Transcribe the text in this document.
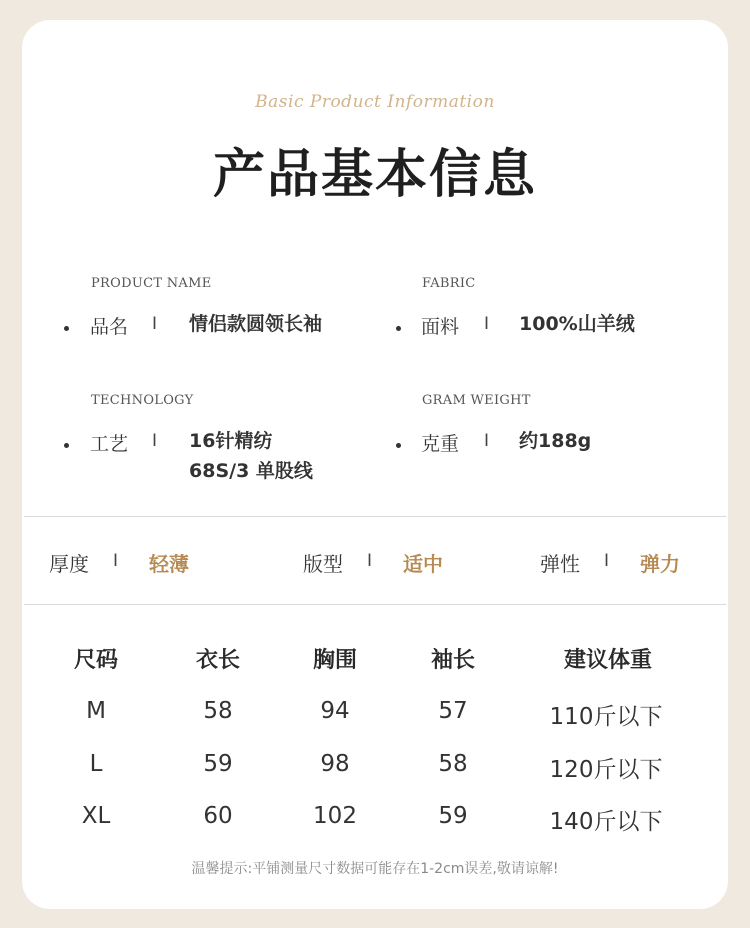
Basic Product Information
产品基本信息
PRODUCT NAME
品名 I 情侣款圆领长袖
FABRIC
面料 I 100%山羊绒
TECHNOLOGY
工艺 I 16针精纺
68S/3 单股线
GRAM WEIGHT
克重 I 约188g
厚度 I 轻薄	版型 I 适中	弹性 I 弹力
尺码	衣长	胸围	袖长	建议体重
M	58	94	57	110斤以下
L	59	98	58	120斤以下
XL	60	102	59	140斤以下
温馨提示:平铺测量尺寸数据可能存在1-2cm误差,敬请谅解!
